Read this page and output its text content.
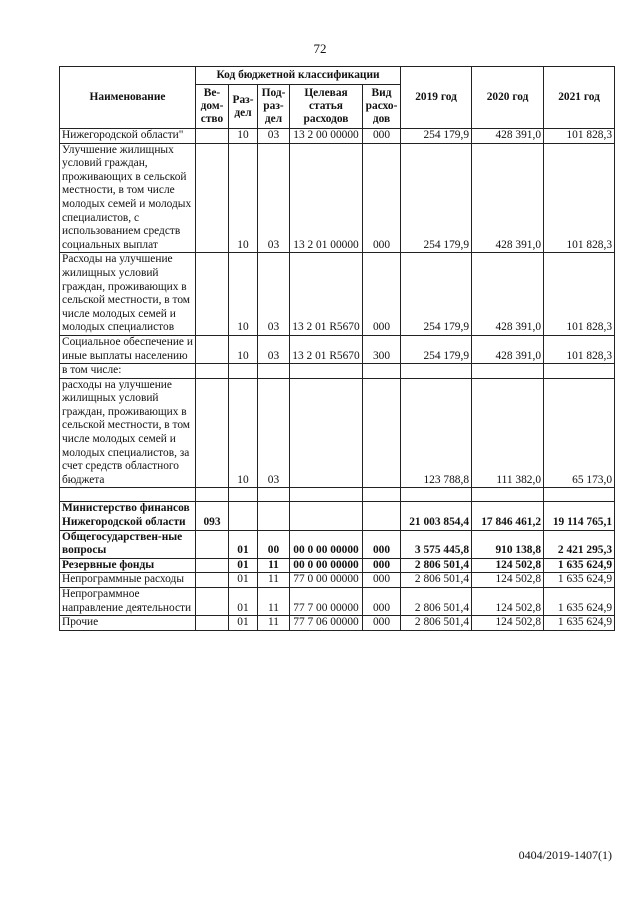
72
Наименование	Код бюджетной классификации					2019 год	2020 год	2021 год
	Ве-дом-ство	Раз-дел	Под-раз-дел	Целевая статья расходов	Вид расхо-дов			
Нижегородской области"		10	03	13 2 00 00000	000	254 179,9	428 391,0	101 828,3
Улучшение жилищных условий граждан, проживающих в сельской местности, в том числе молодых семей и молодых специалистов, с использованием средств социальных выплат		10	03	13 2 01 00000	000	254 179,9	428 391,0	101 828,3
Расходы на улучшение жилищных условий граждан, проживающих в сельской местности, в том числе молодых семей и молодых специалистов		10	03	13 2 01 R5670	000	254 179,9	428 391,0	101 828,3
Социальное обеспечение и иные выплаты населению		10	03	13 2 01 R5670	300	254 179,9	428 391,0	101 828,3
в том числе:								
расходы на улучшение жилищных условий граждан, проживающих в сельской местности, в том числе молодых семей и молодых специалистов, за счет средств областного бюджета		10	03			123 788,8	111 382,0	65 173,0

Министерство финансов Нижегородской области	093					21 003 854,4	17 846 461,2	19 114 765,1
Общегосударствен-ные вопросы		01	00	00 0 00 00000	000	3 575 445,8	910 138,8	2 421 295,3
Резервные фонды		01	11	00 0 00 00000	000	2 806 501,4	124 502,8	1 635 624,9
Непрограммные расходы		01	11	77 0 00 00000	000	2 806 501,4	124 502,8	1 635 624,9
Непрограммное направление деятельности		01	11	77 7 00 00000	000	2 806 501,4	124 502,8	1 635 624,9
Прочие		01	11	77 7 06 00000	000	2 806 501,4	124 502,8	1 635 624,9
0404/2019-1407(1)
